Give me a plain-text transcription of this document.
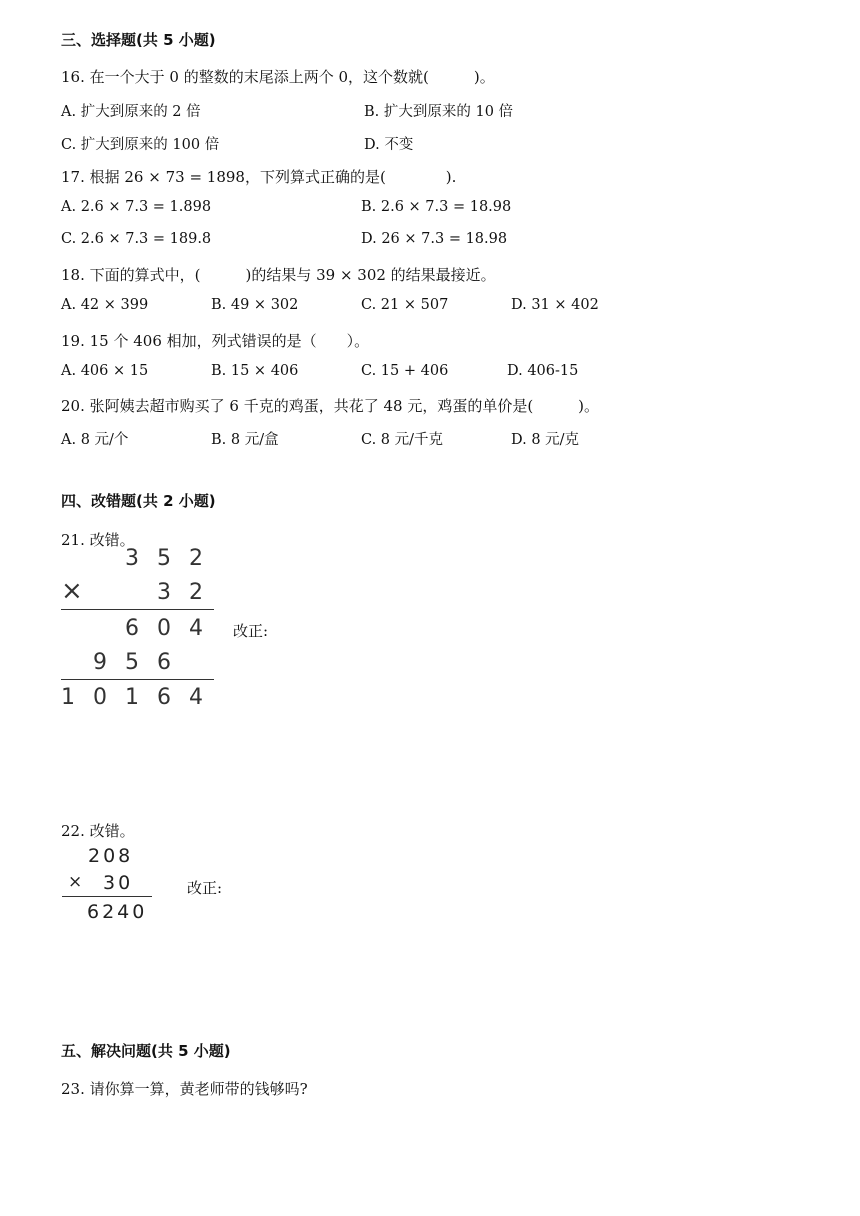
三、选择题(共 5 小题)
16. 在一个大于 0 的整数的末尾添上两个 0，这个数就(　　　)。
A. 扩大到原来的 2 倍	B. 扩大到原来的 10 倍
C. 扩大到原来的 100 倍	D. 不变
17. 根据 26 × 73 = 1898，下列算式正确的是(　　　　).
A. 2.6 × 7.3 = 1.898	B. 2.6 × 7.3 = 18.98
C. 2.6 × 7.3 = 189.8	D. 26 × 7.3 = 18.98
18. 下面的算式中，(　　　)的结果与 39 × 302 的结果最接近。
A. 42 × 399	B. 49 × 302	C. 21 × 507	D. 31 × 402
19. 15 个 406 相加，列式错误的是（　　）。
A. 406 × 15	B. 15 × 406	C. 15 + 406	D. 406-15
20. 张阿姨去超市购买了 6 千克的鸡蛋，共花了 48 元，鸡蛋的单价是(　　　)。
A. 8 元/个	B. 8 元/盒	C. 8 元/千克	D. 8 元/克
四、改错题(共 2 小题)
21. 改错。
×
3 5 2
3 2
6 0 4
9 5 6
1 0 1 6 4
改正:
22. 改错。
208
× 30
6240
改正:
五、解决问题(共 5 小题)
23. 请你算一算，黄老师带的钱够吗?
